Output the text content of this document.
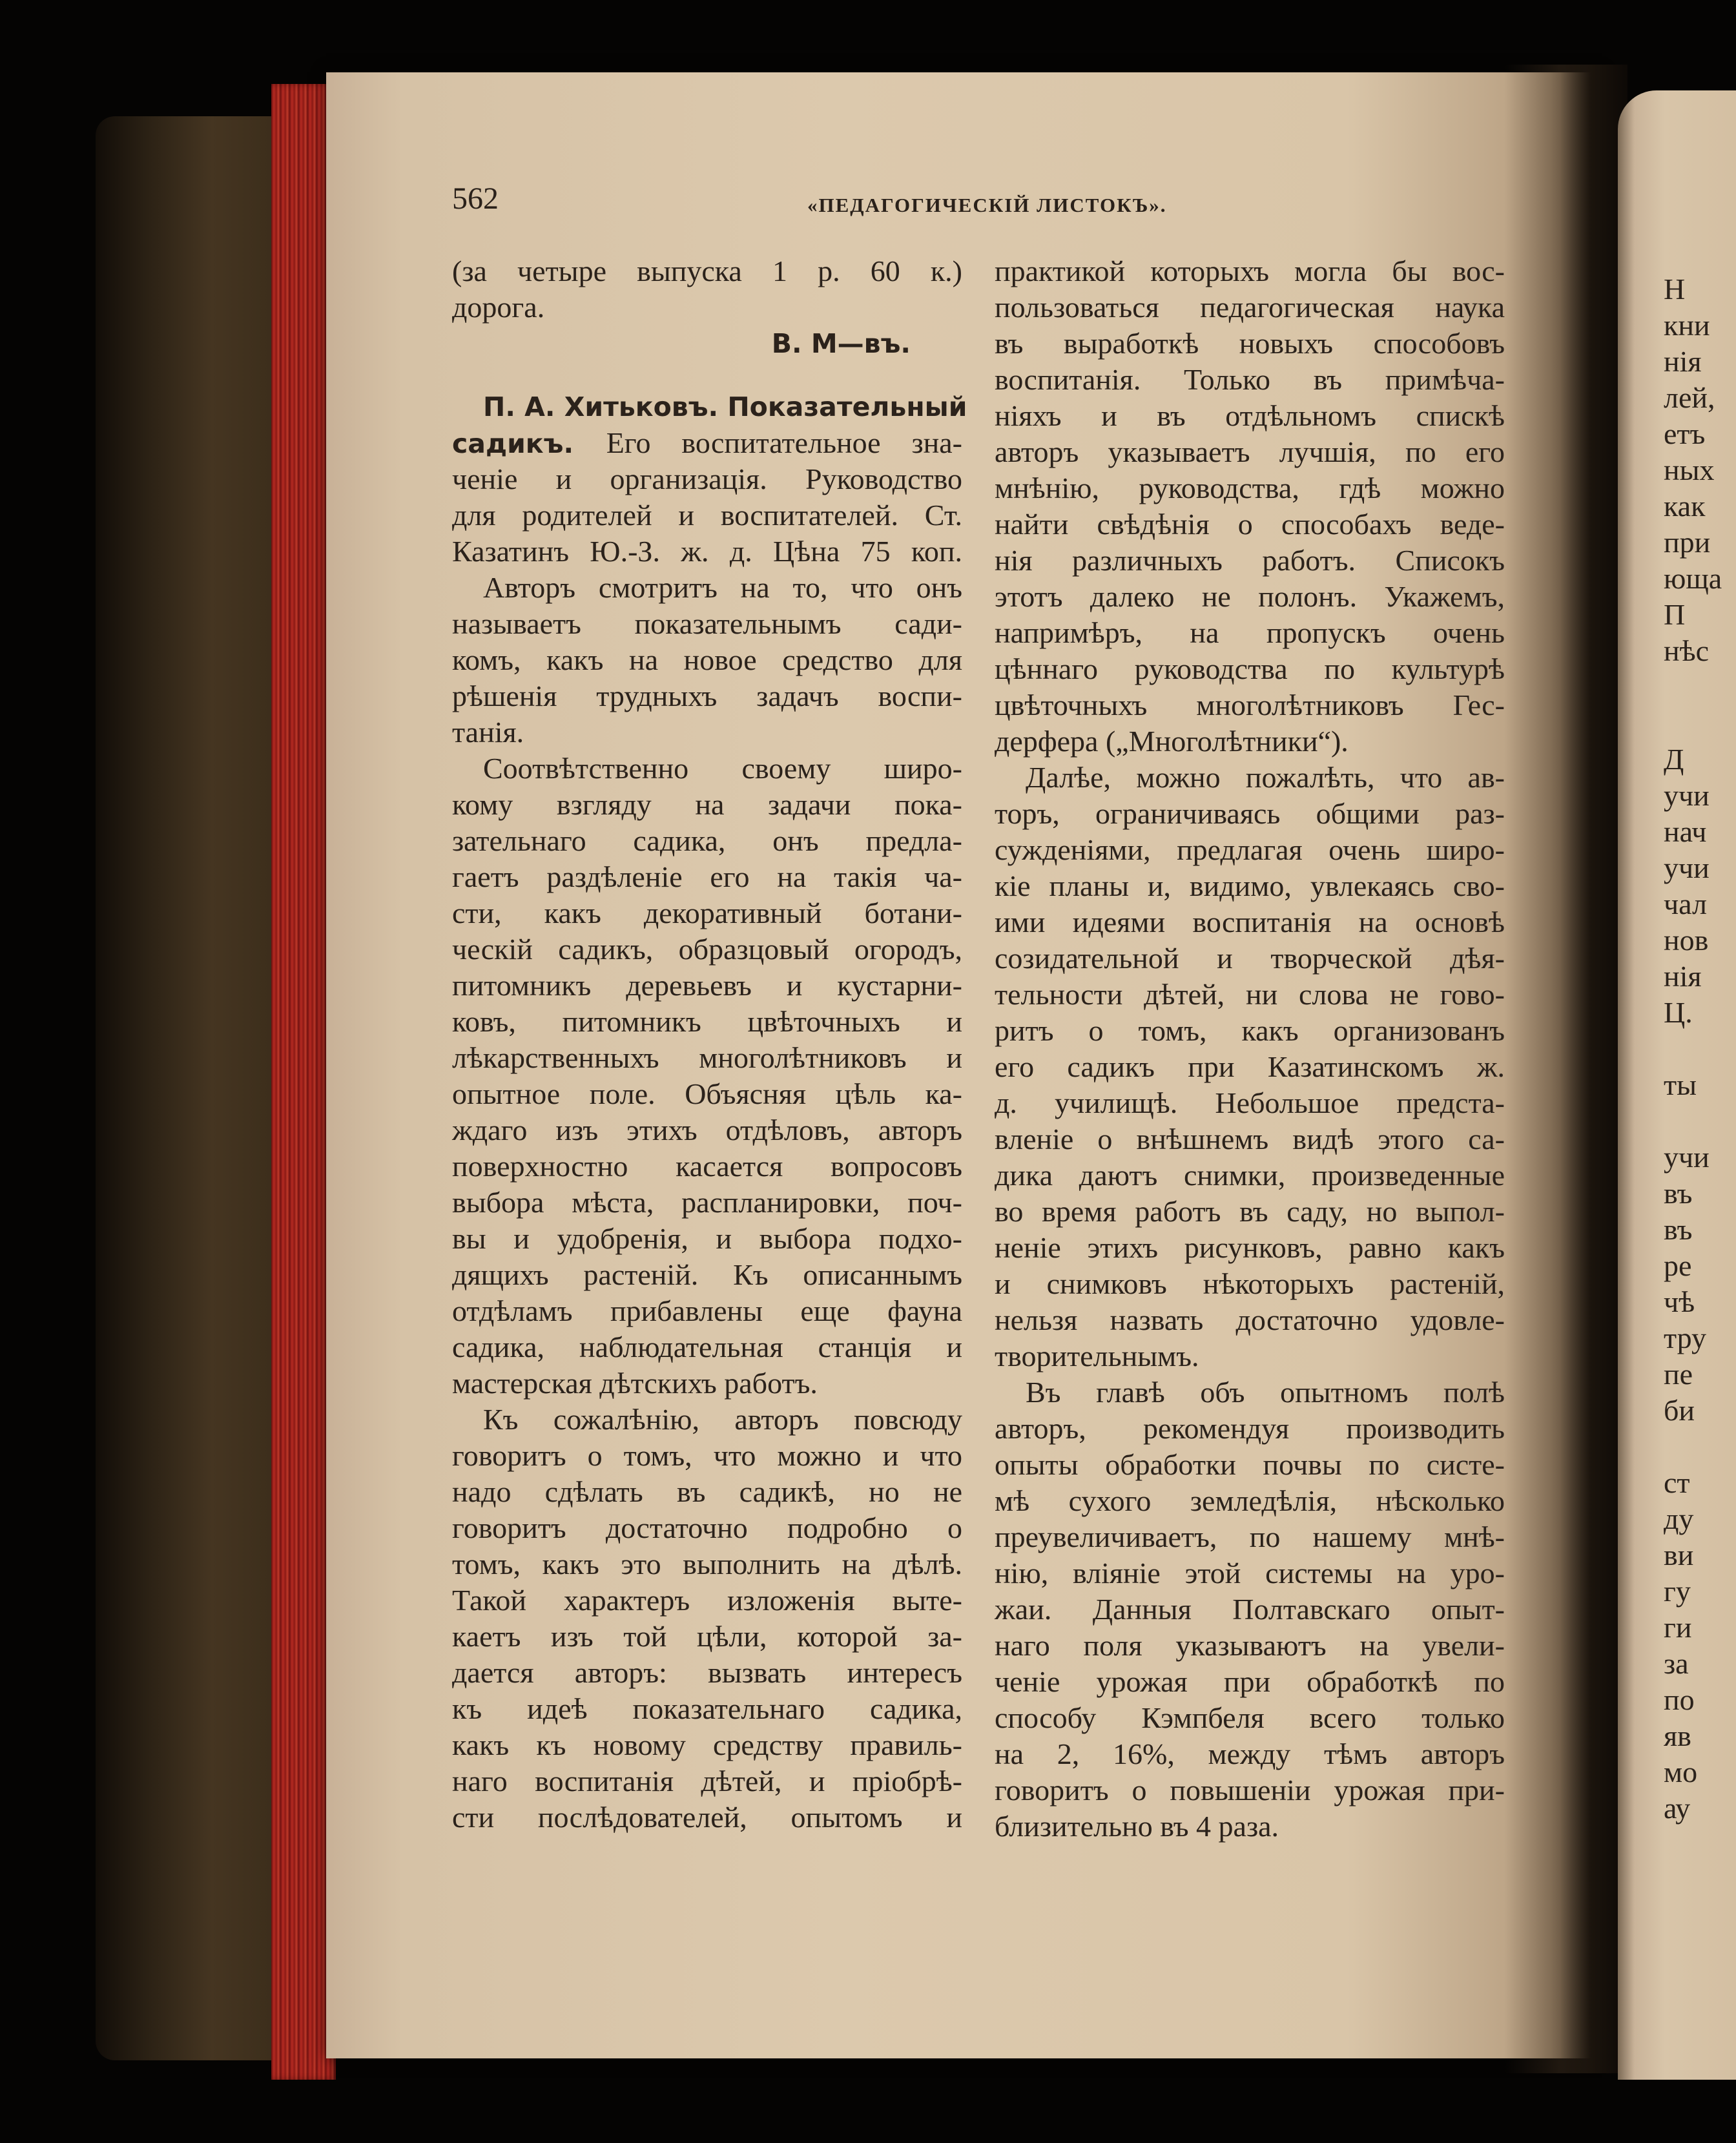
562	«ПЕДАГОГИЧЕСКІЙ ЛИСТОКЪ».
(за четыре выпуска 1 р. 60 к.)
дорога.
В. М—въ.
П. А. Хитьковъ. Показательный
садикъ. Его воспитательное зна-
ченіе и организація. Руководство
для родителей и воспитателей. Ст.
Казатинъ Ю.-З. ж. д. Цѣна 75 коп.
Авторъ смотритъ на то, что онъ
называетъ показательнымъ сади-
комъ, какъ на новое средство для
рѣшенія трудныхъ задачъ воспи-
танія.
Соотвѣтственно своему широ-
кому взгляду на задачи пока-
зательнаго садика, онъ предла-
гаетъ раздѣленіе его на такія ча-
сти, какъ декоративный ботани-
ческій садикъ, образцовый огородъ,
питомникъ деревьевъ и кустарни-
ковъ, питомникъ цвѣточныхъ и
лѣкарственныхъ многолѣтниковъ и
опытное поле. Объясняя цѣль ка-
ждаго изъ этихъ отдѣловъ, авторъ
поверхностно касается вопросовъ
выбора мѣста, распланировки, поч-
вы и удобренія, и выбора подхо-
дящихъ растеній. Къ описаннымъ
отдѣламъ прибавлены еще фауна
садика, наблюдательная станція и
мастерская дѣтскихъ работъ.
Къ сожалѣнію, авторъ повсюду
говоритъ о томъ, что можно и что
надо сдѣлать въ садикѣ, но не
говоритъ достаточно подробно о
томъ, какъ это выполнить на дѣлѣ.
Такой характеръ изложенія выте-
каетъ изъ той цѣли, которой за-
дается авторъ: вызвать интересъ
къ идеѣ показательнаго садика,
какъ къ новому средству правиль-
наго воспитанія дѣтей, и пріобрѣ-
сти послѣдователей, опытомъ и
практикой которыхъ могла бы вос-
пользоваться педагогическая наука
въ выработкѣ новыхъ способовъ
воспитанія. Только въ примѣча-
ніяхъ и въ отдѣльномъ спискѣ
авторъ указываетъ лучшія, по его
мнѣнію, руководства, гдѣ можно
найти свѣдѣнія о способахъ веде-
нія различныхъ работъ. Списокъ
этотъ далеко не полонъ. Укажемъ,
напримѣръ, на пропускъ очень
цѣннаго руководства по культурѣ
цвѣточныхъ многолѣтниковъ Гес-
дерфера („Многолѣтники“).
Далѣе, можно пожалѣть, что ав-
торъ, ограничиваясь общими раз-
сужденіями, предлагая очень широ-
кіе планы и, видимо, увлекаясь сво-
ими идеями воспитанія на основѣ
созидательной и творческой дѣя-
тельности дѣтей, ни слова не гово-
ритъ о томъ, какъ организованъ
его садикъ при Казатинскомъ ж.
д. училищѣ. Небольшое предста-
вленіе о внѣшнемъ видѣ этого са-
дика даютъ снимки, произведенные
во время работъ въ саду, но выпол-
неніе этихъ рисунковъ, равно какъ
и снимковъ нѣкоторыхъ растеній,
нельзя назвать достаточно удовле-
творительнымъ.
Въ главѣ объ опытномъ полѣ
авторъ, рекомендуя производить
опыты обработки почвы по систе-
мѣ сухого земледѣлія, нѣсколько
преувеличиваетъ, по нашему мнѣ-
нію, вліяніе этой системы на уро-
жаи. Данныя Полтавскаго опыт-
наго поля указываютъ на увели-
ченіе урожая при обработкѣ по
способу Кэмпбеля всего только
на 2, 16%, между тѣмъ авторъ
говоритъ о повышеніи урожая при-
близительно въ 4 раза.
Н
кни
нія
лей,
етъ
ных
как
при
юща
П
нѣс
Д
учи
нач
учи
чал
нов
нія
Ц.
ты
учи
въ
въ
ре
чѣ
тру
пе
би
ст
ду
ви
гу
ги
за
по
яв
мо
ау
